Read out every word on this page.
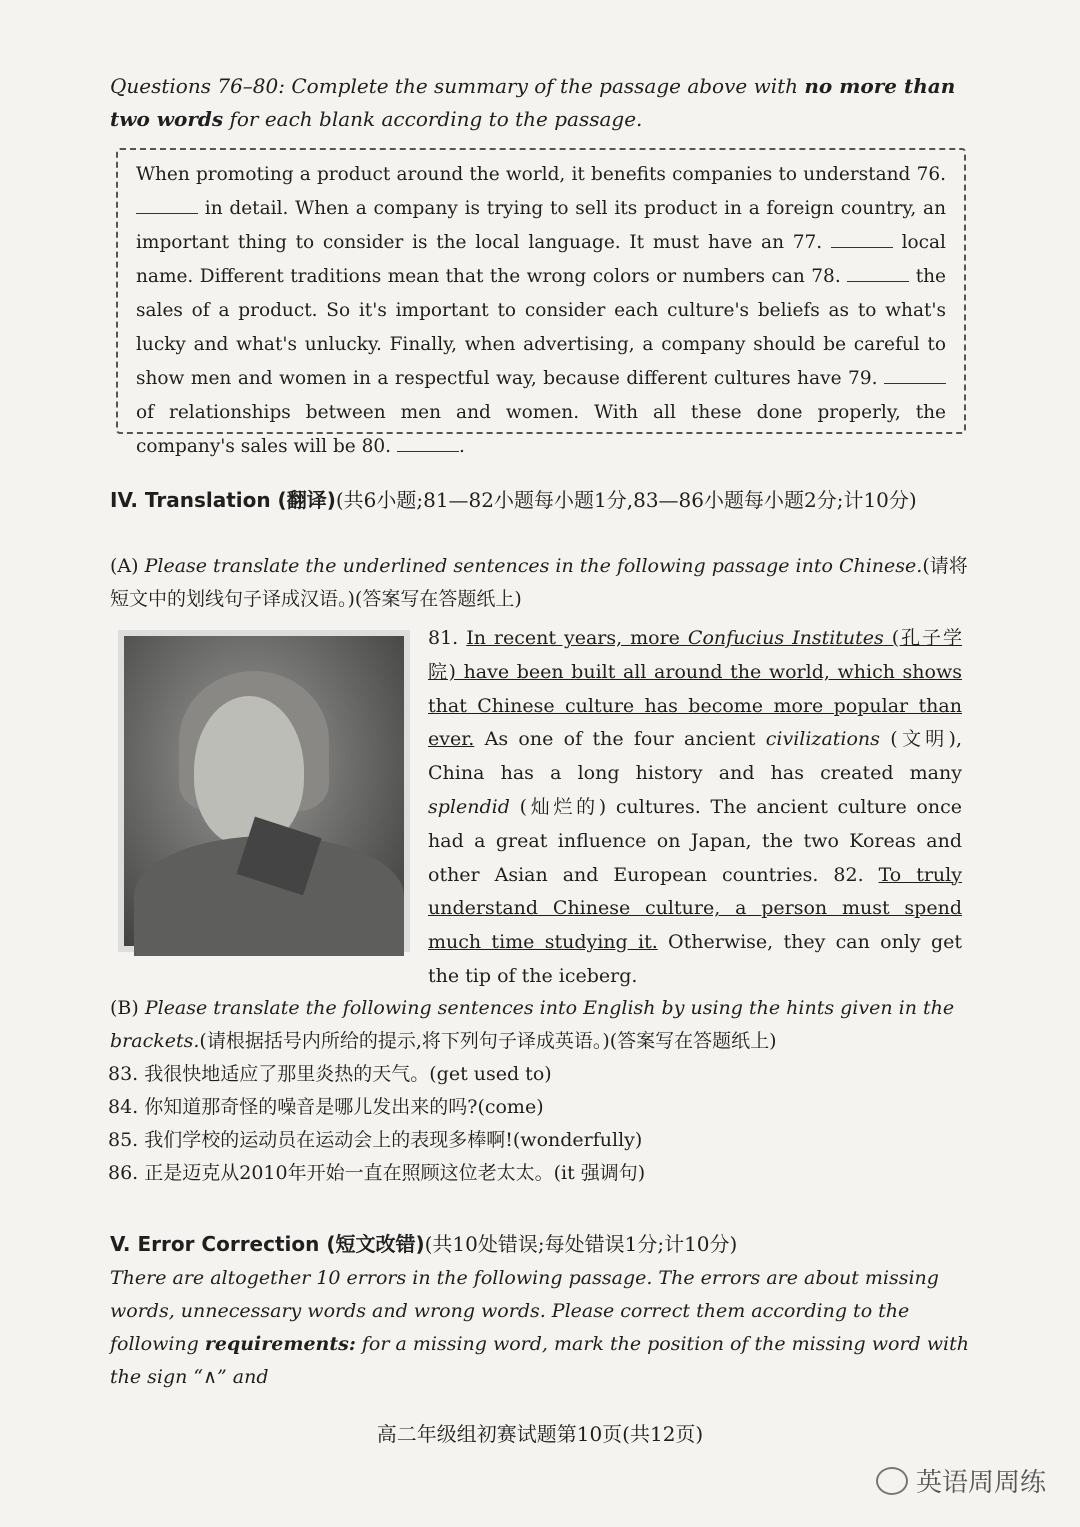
Questions 76–80: Complete the summary of the passage above with no more than two words for each blank according to the passage.
When promoting a product around the world, it benefits companies to understand 76.  in detail. When a company is trying to sell its product in a foreign country, an important thing to consider is the local language. It must have an 77.	local name. Different traditions mean that the wrong colors or numbers can 78.	the sales of a product. So it's important to consider each culture's beliefs as to what's lucky and what's unlucky. Finally, when advertising, a company should be careful to show men and women in a respectful way, because different cultures have 79.  of relationships between men and women. With all these done properly, the company's sales will be 80.	.
IV. Translation (翻译)(共6小题;81—82小题每小题1分,83—86小题每小题2分;计10分)
(A) Please translate the underlined sentences in the following passage into Chinese.(请将短文中的划线句子译成汉语。)(答案写在答题纸上)
81. In recent years, more Confucius Institutes (孔子学院) have been built all around the world, which shows that Chinese culture has become more popular than ever. As one of the four ancient civilizations (文明), China has a long history and has created many splendid (灿烂的) cultures. The ancient culture once had a great influence on Japan, the two Koreas and other Asian and European countries. 82. To truly understand Chinese culture, a person must spend much time studying it. Otherwise, they can only get the tip of the iceberg.
(B) Please translate the following sentences into English by using the hints given in the brackets.(请根据括号内所给的提示,将下列句子译成英语。)(答案写在答题纸上)
83. 我很快地适应了那里炎热的天气。(get used to)
84. 你知道那奇怪的噪音是哪儿发出来的吗?(come)
85. 我们学校的运动员在运动会上的表现多棒啊!(wonderfully)
86. 正是迈克从2010年开始一直在照顾这位老太太。(it 强调句)
V. Error Correction (短文改错)(共10处错误;每处错误1分;计10分)
There are altogether 10 errors in the following passage. The errors are about missing words, unnecessary words and wrong words. Please correct them according to the following requirements: for a missing word, mark the position of the missing word with the sign “∧” and
高二年级组初赛试题第10页(共12页)
英语周周练
